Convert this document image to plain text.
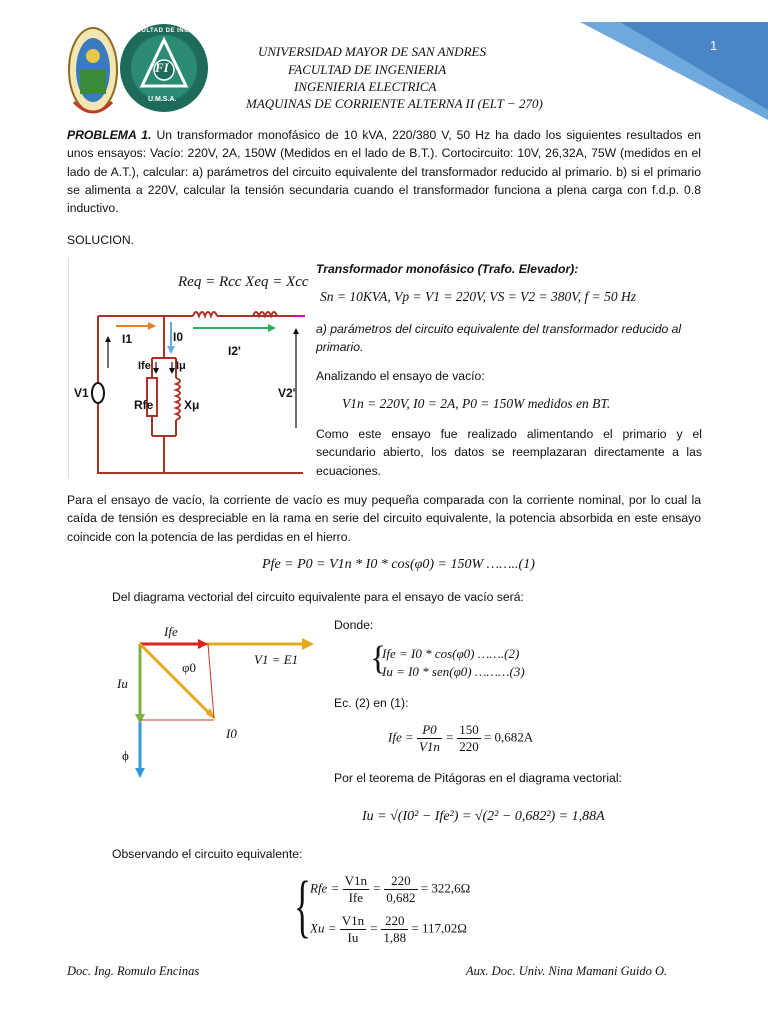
1
FI
FACULTAD DE INGENIERIA
U.M.S.A.
UNIVERSIDAD MAYOR DE SAN ANDRES
FACULTAD DE INGENIERIA
INGENIERIA ELECTRICA
MAQUINAS DE CORRIENTE ALTERNA II (ELT − 270)
PROBLEMA 1. Un transformador monofásico de 10 kVA, 220/380 V, 50 Hz ha dado los siguientes resultados en unos ensayos: Vacío: 220V, 2A, 150W (Medidos en el lado de B.T.). Cortocircuito: 10V, 26,32A, 75W (medidos en el lado de A.T.), calcular: a) parámetros del circuito equivalente del transformador reducido al primario. b) si el primario se alimenta a 220V, calcular la tensión secundaria cuando el transformador funciona a plena carga con f.d.p. 0.8 inductivo.
SOLUCION.
Req = Rcc Xeq = Xcc
I1	I0
I2'
Ife Iμ
V1
Rfe	Xμ
V2'
Transformador monofásico (Trafo. Elevador):
Sn = 10KVA, Vp = V1 = 220V, VS = V2 = 380V, f = 50 Hz
a) parámetros del circuito equivalente del transformador reducido al primario.
Analizando el ensayo de vacío:
V1n = 220V, I0 = 2A, P0 = 150W medidos en BT.
Como este ensayo fue realizado alimentando el primario y el secundario abierto, los datos se reemplazaran directamente a las ecuaciones.
Para el ensayo de vacío, la corriente de vacío es muy pequeña comparada con la corriente nominal, por lo cual la caída de tensión es despreciable en la rama en serie del circuito equivalente, la potencia absorbida en este ensayo coincide con la potencia de las perdidas en el hierro.
Pfe = P0 = V1n * I0 * cos(φ0) = 150W ……..(1)
Del diagrama vectorial del circuito equivalente para el ensayo de vacío será:
Ife
φ0
V1 = E1
Iu
I0
ϕ
Donde:
{
Ife = I0 * cos(φ0) …….(2)
Iu = I0 * sen(φ0) ………(3)
Ec. (2) en (1):
Ife = $\frac{P0}{V1n} = \frac{150}{220} = 0,682A$
Por el teorema de Pitágoras en el diagrama vectorial:
Iu = √(I0² − Ife²) = √(2² − 0,682²) = 1,88A
Observando el circuito equivalente:
{ Rfe = $\frac{V1n}{\text{Ife}} = \frac{220}{0,682} = 322,6\Omega$
$Xu = \frac{V1n}{Iu} = \frac{220}{1,88} = 117,02\Omega$
Doc. Ing. Romulo Encinas	Aux. Doc. Univ. Nina Mamani Guido O.
